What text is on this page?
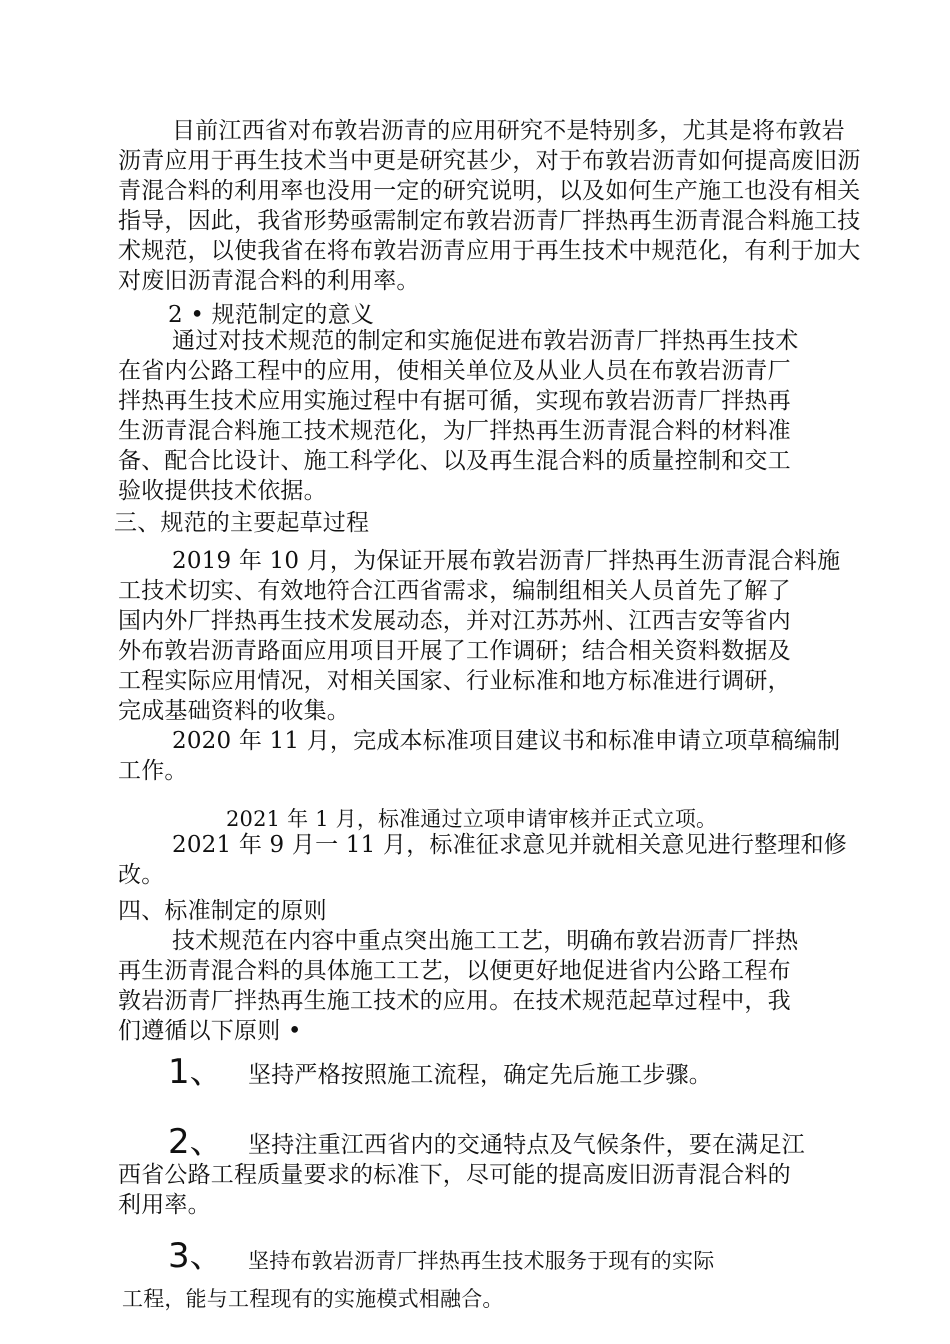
目前江西省对布敦岩沥青的应用研究不是特别多，尤其是将布敦岩
沥青应用于再生技术当中更是研究甚少，对于布敦岩沥青如何提高废旧沥
青混合料的利用率也没用一定的研究说明，以及如何生产施工也没有相关
指导，因此，我省形势亟需制定布敦岩沥青厂拌热再生沥青混合料施工技
术规范，以使我省在将布敦岩沥青应用于再生技术中规范化，有利于加大
对废旧沥青混合料的利用率。
2 • 规范制定的意义
通过对技术规范的制定和实施促进布敦岩沥青厂拌热再生技术
在省内公路工程中的应用，使相关单位及从业人员在布敦岩沥青厂
拌热再生技术应用实施过程中有据可循，实现布敦岩沥青厂拌热再
生沥青混合料施工技术规范化，为厂拌热再生沥青混合料的材料准
备、配合比设计、施工科学化、以及再生混合料的质量控制和交工
验收提供技术依据。
三、规范的主要起草过程
2019 年 10 月，为保证开展布敦岩沥青厂拌热再生沥青混合料施
工技术切实、有效地符合江西省需求，编制组相关人员首先了解了
国内外厂拌热再生技术发展动态，并对江苏苏州、江西吉安等省内
外布敦岩沥青路面应用项目开展了工作调研；结合相关资料数据及
工程实际应用情况，对相关国家、行业标准和地方标准进行调研，
完成基础资料的收集。
2020 年 11 月，完成本标准项目建议书和标准申请立项草稿编制
工作。
2021 年 1 月，标准通过立项申请审核并正式立项。
2021 年 9 月一 11 月，标准征求意见并就相关意见进行整理和修
改。
四、标准制定的原则
技术规范在内容中重点突出施工工艺，明确布敦岩沥青厂拌热
再生沥青混合料的具体施工工艺，以便更好地促进省内公路工程布
敦岩沥青厂拌热再生施工技术的应用。在技术规范起草过程中，我
们遵循以下原则 •
1、 坚持严格按照施工流程，确定先后施工步骤。
2、 坚持注重江西省内的交通特点及气候条件，要在满足江
西省公路工程质量要求的标准下，尽可能的提高废旧沥青混合料的
利用率。
3、 坚持布敦岩沥青厂拌热再生技术服务于现有的实际
工程，能与工程现有的实施模式相融合。
